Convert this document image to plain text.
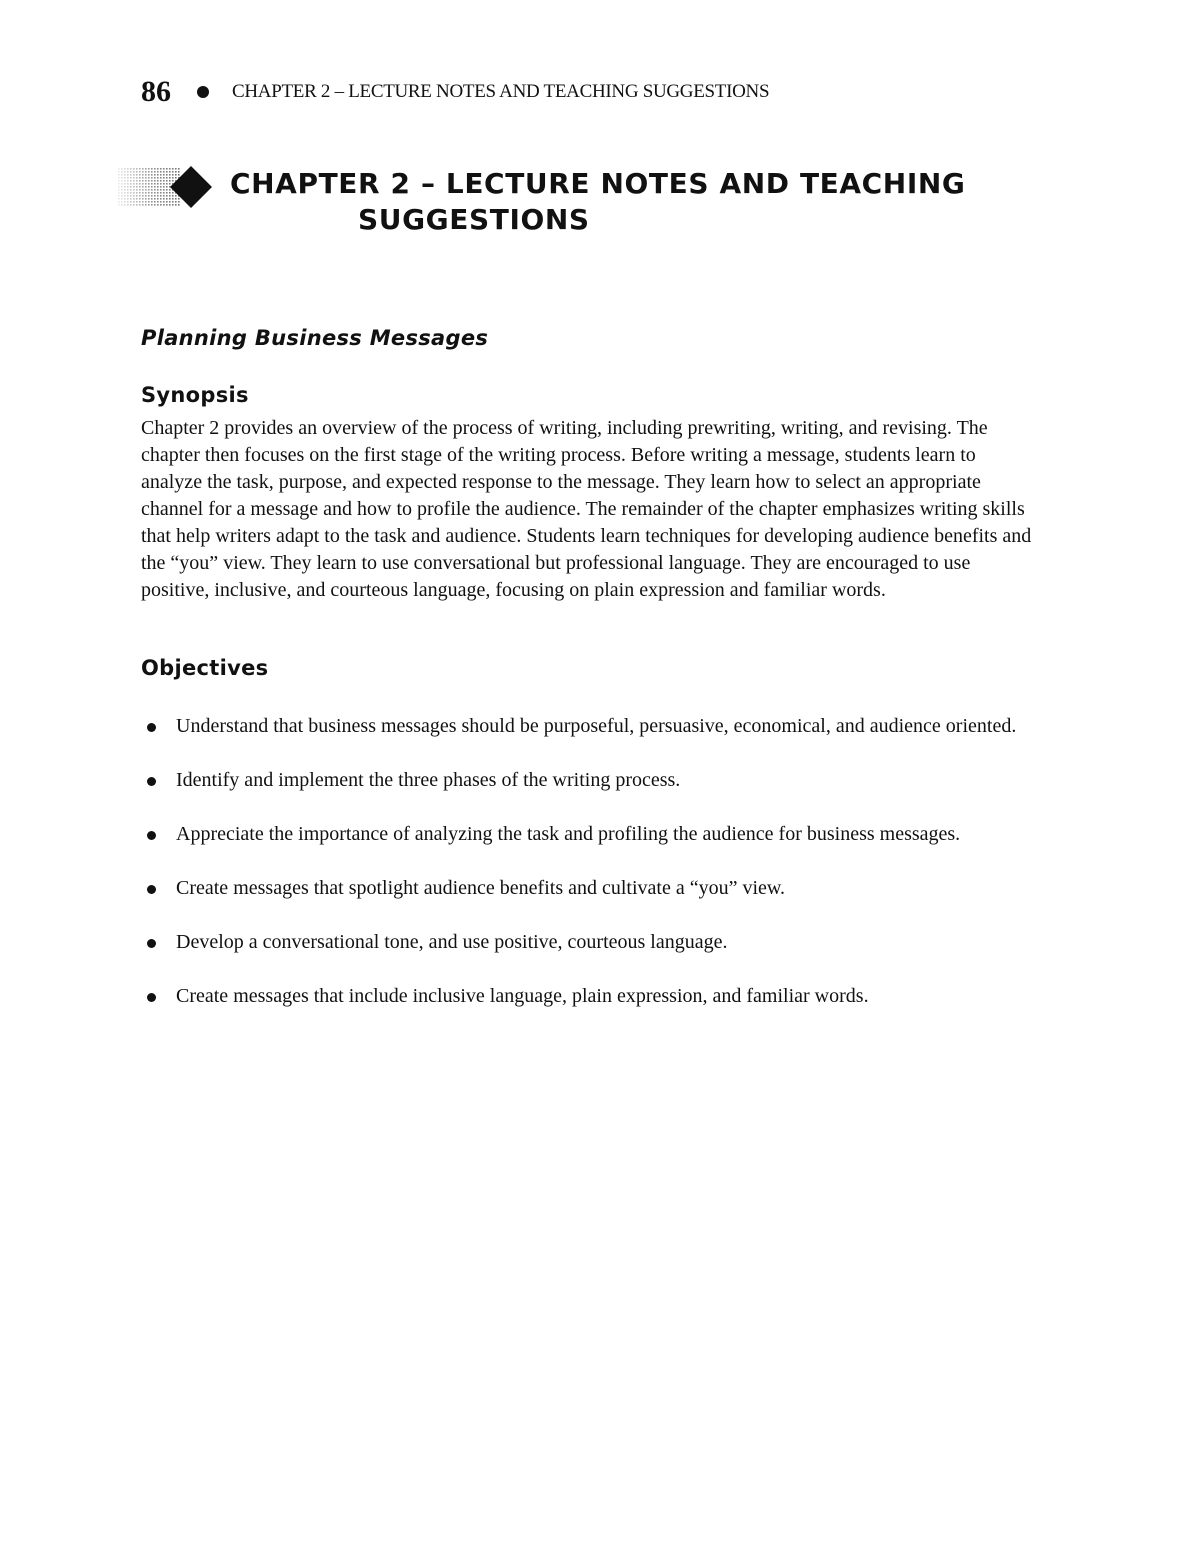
86	CHAPTER 2 – LECTURE NOTES AND TEACHING SUGGESTIONS
CHAPTER 2 – LECTURE NOTES AND TEACHING
SUGGESTIONS
Planning Business Messages
Synopsis

Chapter 2 provides an overview of the process of writing, including prewriting, writing, and revising. The chapter then focuses on the first stage of the writing process. Before writing a message, students learn to analyze the task, purpose, and expected response to the message. They learn how to select an appropriate channel for a message and how to profile the audience. The remainder of the chapter emphasizes writing skills that help writers adapt to the task and audience. Students learn techniques for developing audience benefits and the “you” view. They learn to use conversational but professional language. They are encouraged to use positive, inclusive, and courteous language, focusing on plain expression and familiar words.

Objectives
Understand that business messages should be purposeful, persuasive, economical, and audience oriented.
Identify and implement the three phases of the writing process.
Appreciate the importance of analyzing the task and profiling the audience for business messages.
Create messages that spotlight audience benefits and cultivate a “you” view.
Develop a conversational tone, and use positive, courteous language.
Create messages that include inclusive language, plain expression, and familiar words.
